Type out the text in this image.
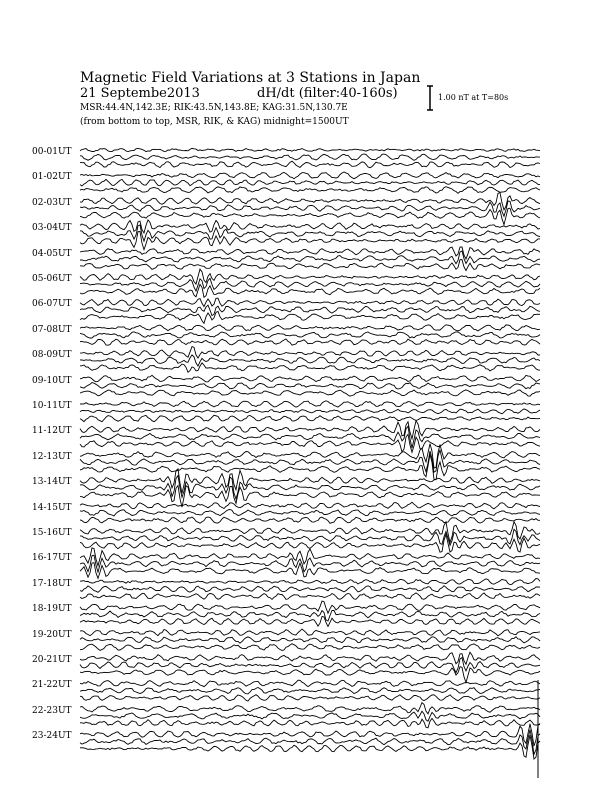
Magnetic Field Variations at 3 Stations in Japan
21 Septembe2013	dH/dt (filter:40-160s)
MSR:44.4N,142.3E; RIK:43.5N,143.8E; KAG:31.5N,130.7E
(from bottom to top, MSR, RIK, & KAG) midnight=1500UT
1.00 nT at T=80s
00-01UT
01-02UT
02-03UT
03-04UT
04-05UT
05-06UT
06-07UT
07-08UT
08-09UT
09-10UT
10-11UT
11-12UT
12-13UT
13-14UT
14-15UT
15-16UT
16-17UT
17-18UT
18-19UT
19-20UT
20-21UT
21-22UT
22-23UT
23-24UT
